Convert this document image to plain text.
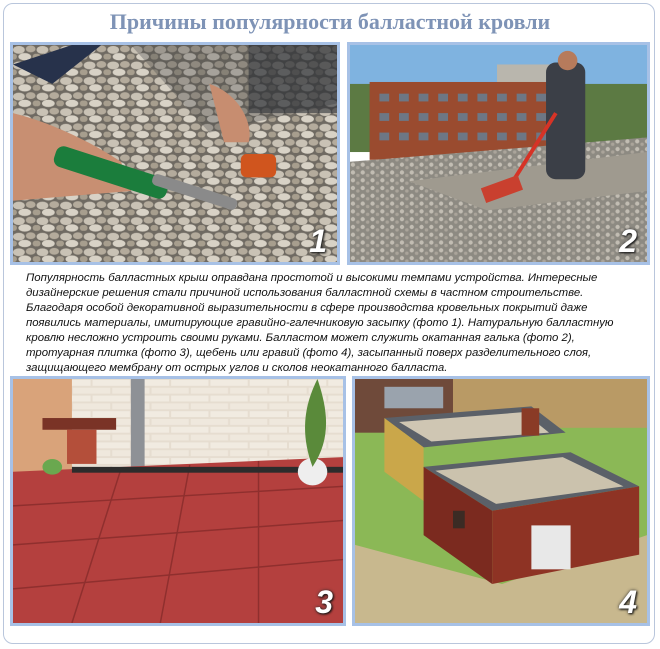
Причины популярности балластной кровли
1	2
Популярность балластных крыш оправдана простотой и высокими темпами устройства. Интересные
дизайнерские решения стали причиной использования балластной схемы в частном строительстве.
Благодаря особой декоративной выразительности в сфере производства кровельных покрытий даже
появились материалы, имитирующие гравийно-галечниковую засыпку (фото 1). Натуральную балластную
кровлю несложно устроить своими руками. Балластом может служить окатанная галька (фото 2),
тротуарная плитка (фото 3), щебень или гравий (фото 4), засыпанный поверх разделительного слоя,
защищающего мембрану от острых углов и сколов неокатанного балласта.
3	4
